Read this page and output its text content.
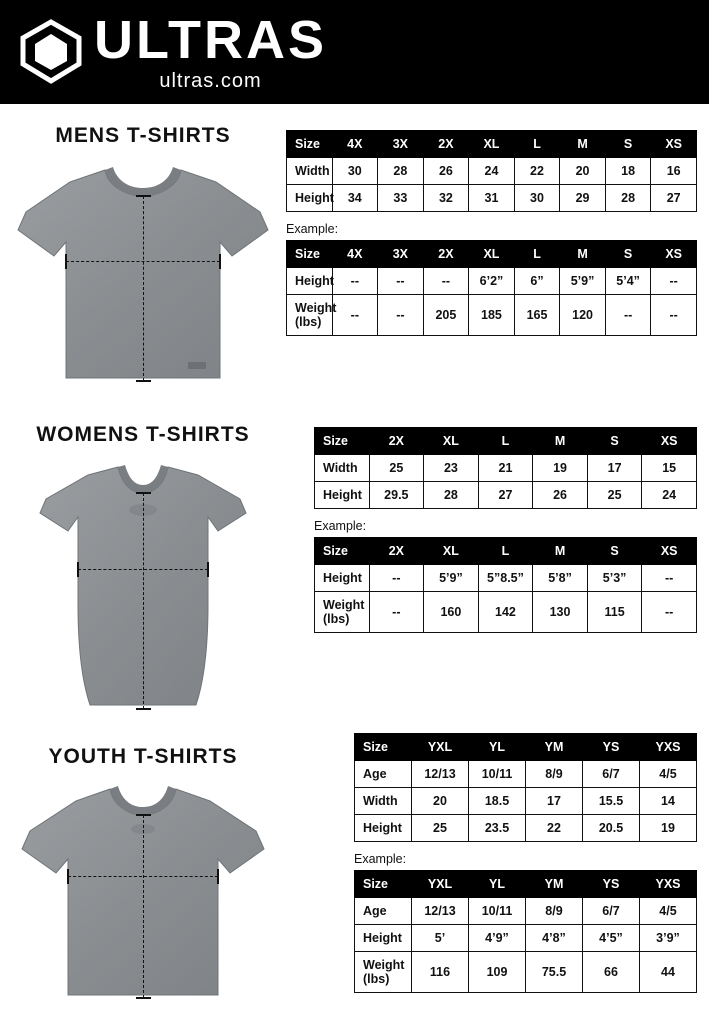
ULTRAS
ultras.com
MENS T-SHIRTS	Size	4X	3X	2X	XL	L	M	S	XS
Width	30	28	26	24	22	20	18	16
Height	34	33	32	31	30	29	28	27
Example:
Size	4X	3X	2X	XL	L	M	S	XS
Height	--	--	--	6’2”	6”	5’9”	5’4”	--
Weight (lbs)	--	--	205	185	165	120	--	--
WOMENS T-SHIRTS	Size	2X	XL	L	M	S	XS
Width	25	23	21	19	17	15
Height	29.5	28	27	26	25	24
Example:
Size	2X	XL	L	M	S	XS
Height	--	5’9”	5”8.5”	5’8”	5’3”	--
Weight (lbs)	--	160	142	130	115	--
YOUTH T-SHIRTS	Size	YXL	YL	YM	YS	YXS
Age	12/13	10/11	8/9	6/7	4/5
Width	20	18.5	17	15.5	14
Height	25	23.5	22	20.5	19
Example:
Size	YXL	YL	YM	YS	YXS
Age	12/13	10/11	8/9	6/7	4/5
Height	5’	4’9”	4’8”	4’5”	3’9”
Weight (lbs)	116	109	75.5	66	44
